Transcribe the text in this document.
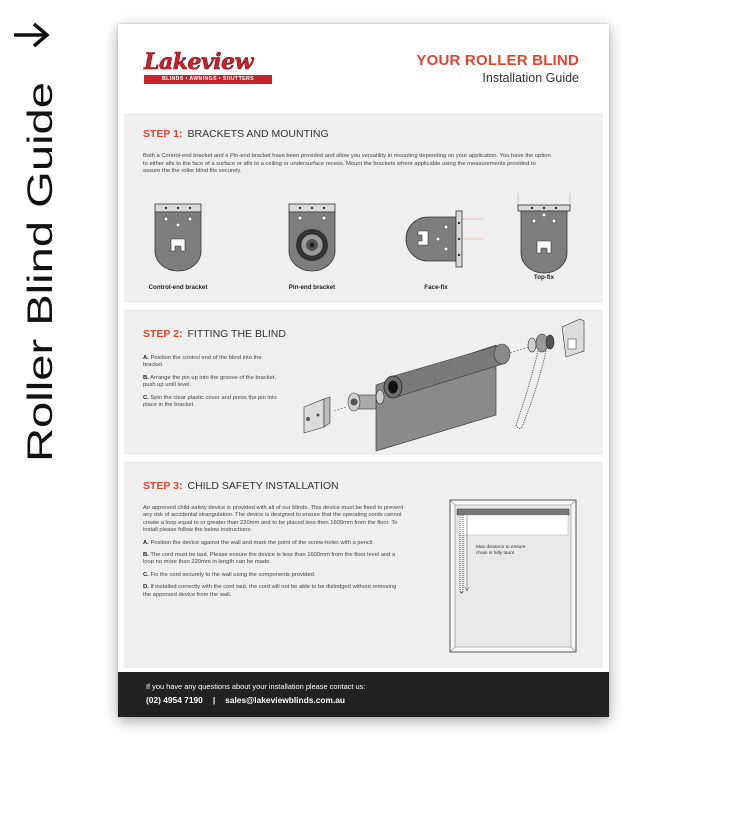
Roller Blind Guide
Lakeview
BLINDS • AWNINGS • SHUTTERS
YOUR ROLLER BLIND
Installation Guide
STEP 1: BRACKETS AND MOUNTING
Both a Control-end bracket and a Pin-end bracket have been provided and allow you versatility in mounting depending on your application. You have the option to either afix to the face of a surface or afix to a ceiling or undersurface recess. Mount the brackets where applicable using the measurements provided to assure the the roller blind fits securely.
Control-end bracket	Pin-end bracket	Face-fix
Top-fix
STEP 2: FITTING THE BLIND

A. Position the control end of the blind into the bracket.

B. Arrange the pin up into the groove of the bracket, push up until level.

C. Spin the clear plastic cover and press the pin into place in the bracket.

STEP 3: CHILD SAFETY INSTALLATION

An approved child-safety device is provided with all of our blinds. This device must be fixed to prevent any risk of accidental strangulation. The device is designed to ensure that the operating cords cannot create a loop equal to or greater than 220mm and to be placed less then 1600mm from the floor. To install please follow the below instructions:

A. Position the device against the wall and mark the point of the screw-holes with a pencil.

B. The cord must be taut. Please ensure the device is less than 1600mm from the floor level and a loop no more than 220mm in length can be made.

C. Fix the cord securely to the wall using the components provided.

D. If installed correctly with the cord taut, the cord will not be able to be dislodged without removing the approved device from the wall.

Max distance to ensure chain is fully taunt
If you have any questions about your installation please contact us:
(02) 4954 7190 | sales@lakeviewblinds.com.au
